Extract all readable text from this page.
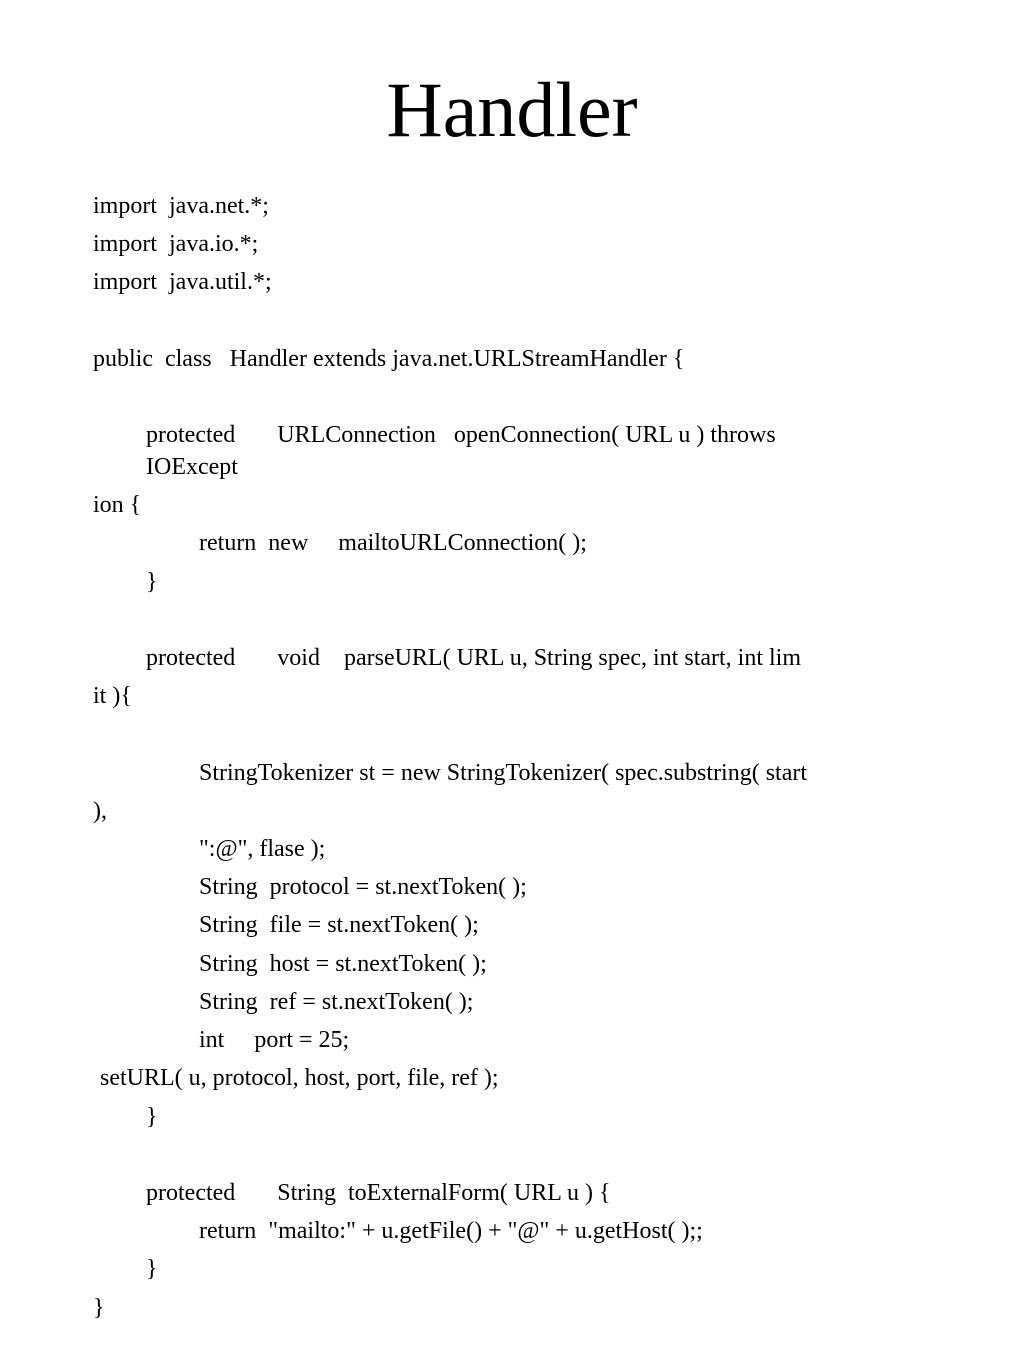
Handler
import  java.net.*;
import  java.io.*;
import  java.util.*;
public  class   Handler extends java.net.URLStreamHandler {
protected       URLConnection   openConnection( URL u ) throws
IOExcept
ion {
return  new     mailtoURLConnection( );
}
protected       void    parseURL( URL u, String spec, int start, int lim
it ){
StringTokenizer st = new StringTokenizer( spec.substring( start
),
":@", flase );
String  protocol = st.nextToken( );
String  file = st.nextToken( );
String  host = st.nextToken( );
String  ref = st.nextToken( );
int     port = 25;
setURL( u, protocol, host, port, file, ref );
}
protected       String  toExternalForm( URL u ) {
return  "mailto:" + u.getFile() + "@" + u.getHost( );;
}
}
